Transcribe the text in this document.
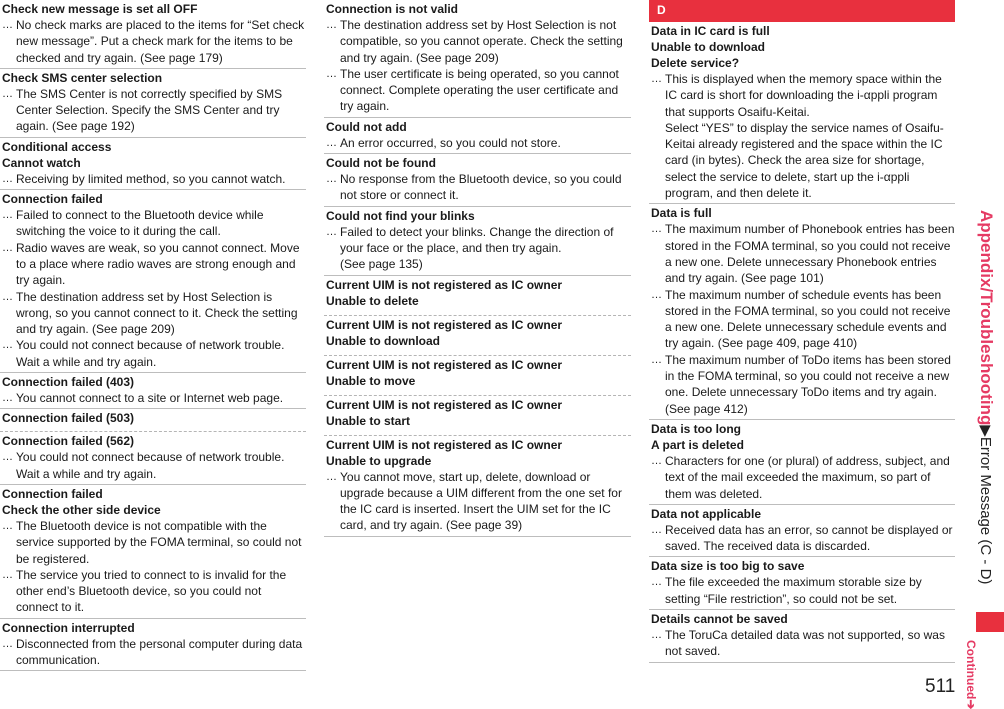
Check new message is set all OFF
… No check marks are placed to the items for “Set check new message”. Put a check mark for the items to be checked and try again. (See page 179)
Check SMS center selection
… The SMS Center is not correctly specified by SMS Center Selection. Specify the SMS Center and try again. (See page 192)
Conditional access
Cannot watch
… Receiving by limited method, so you cannot watch.
Connection failed
… Failed to connect to the Bluetooth device while switching the voice to it during the call.
… Radio waves are weak, so you cannot connect. Move to a place where radio waves are strong enough and try again.
… The destination address set by Host Selection is wrong, so you cannot connect to it. Check the setting and try again. (See page 209)
… You could not connect because of network trouble. Wait a while and try again.
Connection failed (403)
… You cannot connect to a site or Internet web page.
Connection failed (503)
Connection failed (562)
… You could not connect because of network trouble. Wait a while and try again.
Connection failed
Check the other side device
… The Bluetooth device is not compatible with the service supported by the FOMA terminal, so could not be registered.
… The service you tried to connect to is invalid for the other end’s Bluetooth device, so you could not connect to it.
Connection interrupted
… Disconnected from the personal computer during data communication.
Connection is not valid
… The destination address set by Host Selection is not compatible, so you cannot operate. Check the setting and try again. (See page 209)
… The user certificate is being operated, so you cannot connect. Complete operating the user certificate and try again.
Could not add
… An error occurred, so you could not store.
Could not be found
… No response from the Bluetooth device, so you could not store or connect it.
Could not find your blinks
… Failed to detect your blinks. Change the direction of your face or the place, and then try again.
(See page 135)
Current UIM is not registered as IC owner
Unable to delete
Current UIM is not registered as IC owner
Unable to download
Current UIM is not registered as IC owner
Unable to move
Current UIM is not registered as IC owner
Unable to start
Current UIM is not registered as IC owner
Unable to upgrade
… You cannot move, start up, delete, download or upgrade because a UIM different from the one set for the IC card is inserted. Insert the UIM set for the IC card, and try again. (See page 39)
D
Data in IC card is full
Unable to download
Delete service?
… This is displayed when the memory space within the IC card is short for downloading the i-αppli program that supports Osaifu-Keitai.
Select “YES” to display the service names of Osaifu-Keitai already registered and the space within the IC card (in bytes). Check the area size for shortage, select the service to delete, start up the i-αppli program, and then delete it.
Data is full
… The maximum number of Phonebook entries has been stored in the FOMA terminal, so you could not receive a new one. Delete unnecessary Phonebook entries and try again. (See page 101)
… The maximum number of schedule events has been stored in the FOMA terminal, so you could not receive a new one. Delete unnecessary schedule events and try again. (See page 409, page 410)
… The maximum number of ToDo items has been stored in the FOMA terminal, so you could not receive a new one. Delete unnecessary ToDo items and try again.
(See page 412)
Data is too long
A part is deleted
… Characters for one (or plural) of address, subject, and text of the mail exceeded the maximum, so part of them was deleted.
Data not applicable
… Received data has an error, so cannot be displayed or saved. The received data is discarded.
Data size is too big to save
… The file exceeded the maximum storable size by setting “File restriction”, so could not be set.
Details cannot be saved
… The ToruCa detailed data was not supported, so was not saved.
Appendix/Troubleshooting▶Error Message (C - D)
Continued➔
511
